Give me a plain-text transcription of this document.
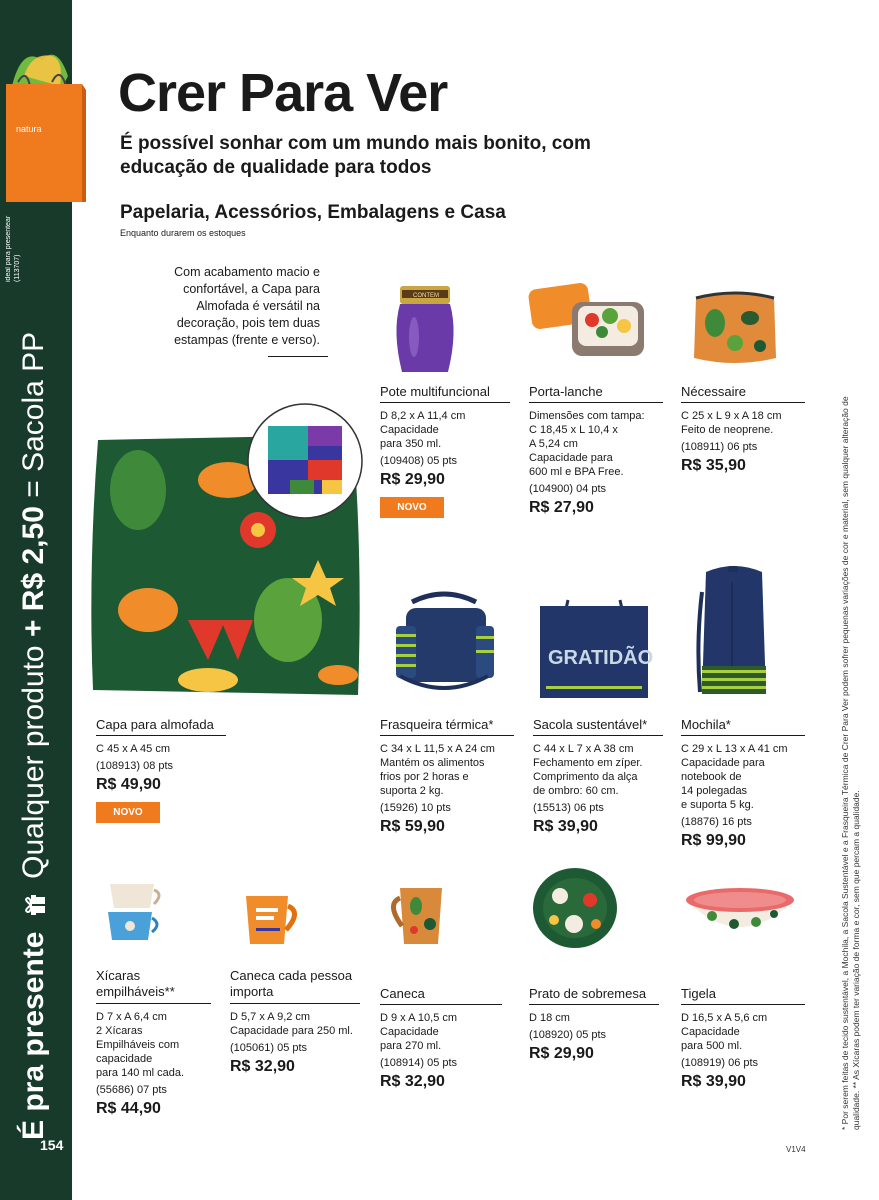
natura
ideal para presentear (113707)
É pra presente  Qualquer produto + R$ 2,50 = Sacola PP
154
Crer Para Ver

É possível sonhar com um mundo mais bonito, com educação de qualidade para todos

Papelaria, Acessórios, Embalagens e Casa
Enquanto durarem os estoques
Com acabamento macio e confortável, a Capa para Almofada é versátil na decoração, pois tem duas estampas (frente e verso).
CONTEM
GRATIDÃO
Pote multifuncional
D 8,2 x A 11,4 cm
Capacidade
para 350 ml.
(109408) 05 pts
R$ 29,90
NOVO
Porta-lanche
Dimensões com tampa:
C 18,45 x L 10,4 x
A 5,24 cm
Capacidade para
600 ml e BPA Free.
(104900) 04 pts
R$ 27,90
Nécessaire
C 25 x L 9 x A 18 cm
Feito de neoprene.
(108911) 06 pts
R$ 35,90
Capa para almofada
C 45 x A 45 cm
(108913) 08 pts
R$ 49,90
NOVO
Frasqueira térmica*
C 34 x L 11,5 x A 24 cm
Mantém os alimentos
frios por 2 horas e
suporta 2 kg.
(15926) 10 pts
R$ 59,90
Sacola sustentável*
C 44 x L 7 x A 38 cm
Fechamento em zíper.
Comprimento da alça
de ombro: 60 cm.
(15513) 06 pts
R$ 39,90
Mochila*
C 29 x L 13 x A 41 cm
Capacidade para
notebook de
14 polegadas
e suporta 5 kg.
(18876) 16 pts
R$ 99,90
Xícaras empilháveis**
D 7 x A 6,4 cm
2 Xícaras
Empilháveis com
capacidade
para 140 ml cada.
(55686) 07 pts
R$ 44,90
Caneca cada pessoa importa
D 5,7 x A 9,2 cm
Capacidade para 250 ml.
(105061) 05 pts
R$ 32,90
Caneca
D 9 x A 10,5 cm
Capacidade
para 270 ml.
(108914) 05 pts
R$ 32,90
Prato de sobremesa
D 18 cm
(108920) 05 pts
R$ 29,90
Tigela
D 16,5 x A 5,6 cm
Capacidade
para 500 ml.
(108919) 06 pts
R$ 39,90	* Por serem feitas de tecido sustentável, a Mochila, a Sacola Sustentável e a Frasqueira Térmica de Crer Para Ver podem sofrer pequenas variações de cor e material, sem qualquer alteração de qualidade. ** As Xícaras podem ter variação de forma e cor, sem que percam a qualidade.
V1V4
